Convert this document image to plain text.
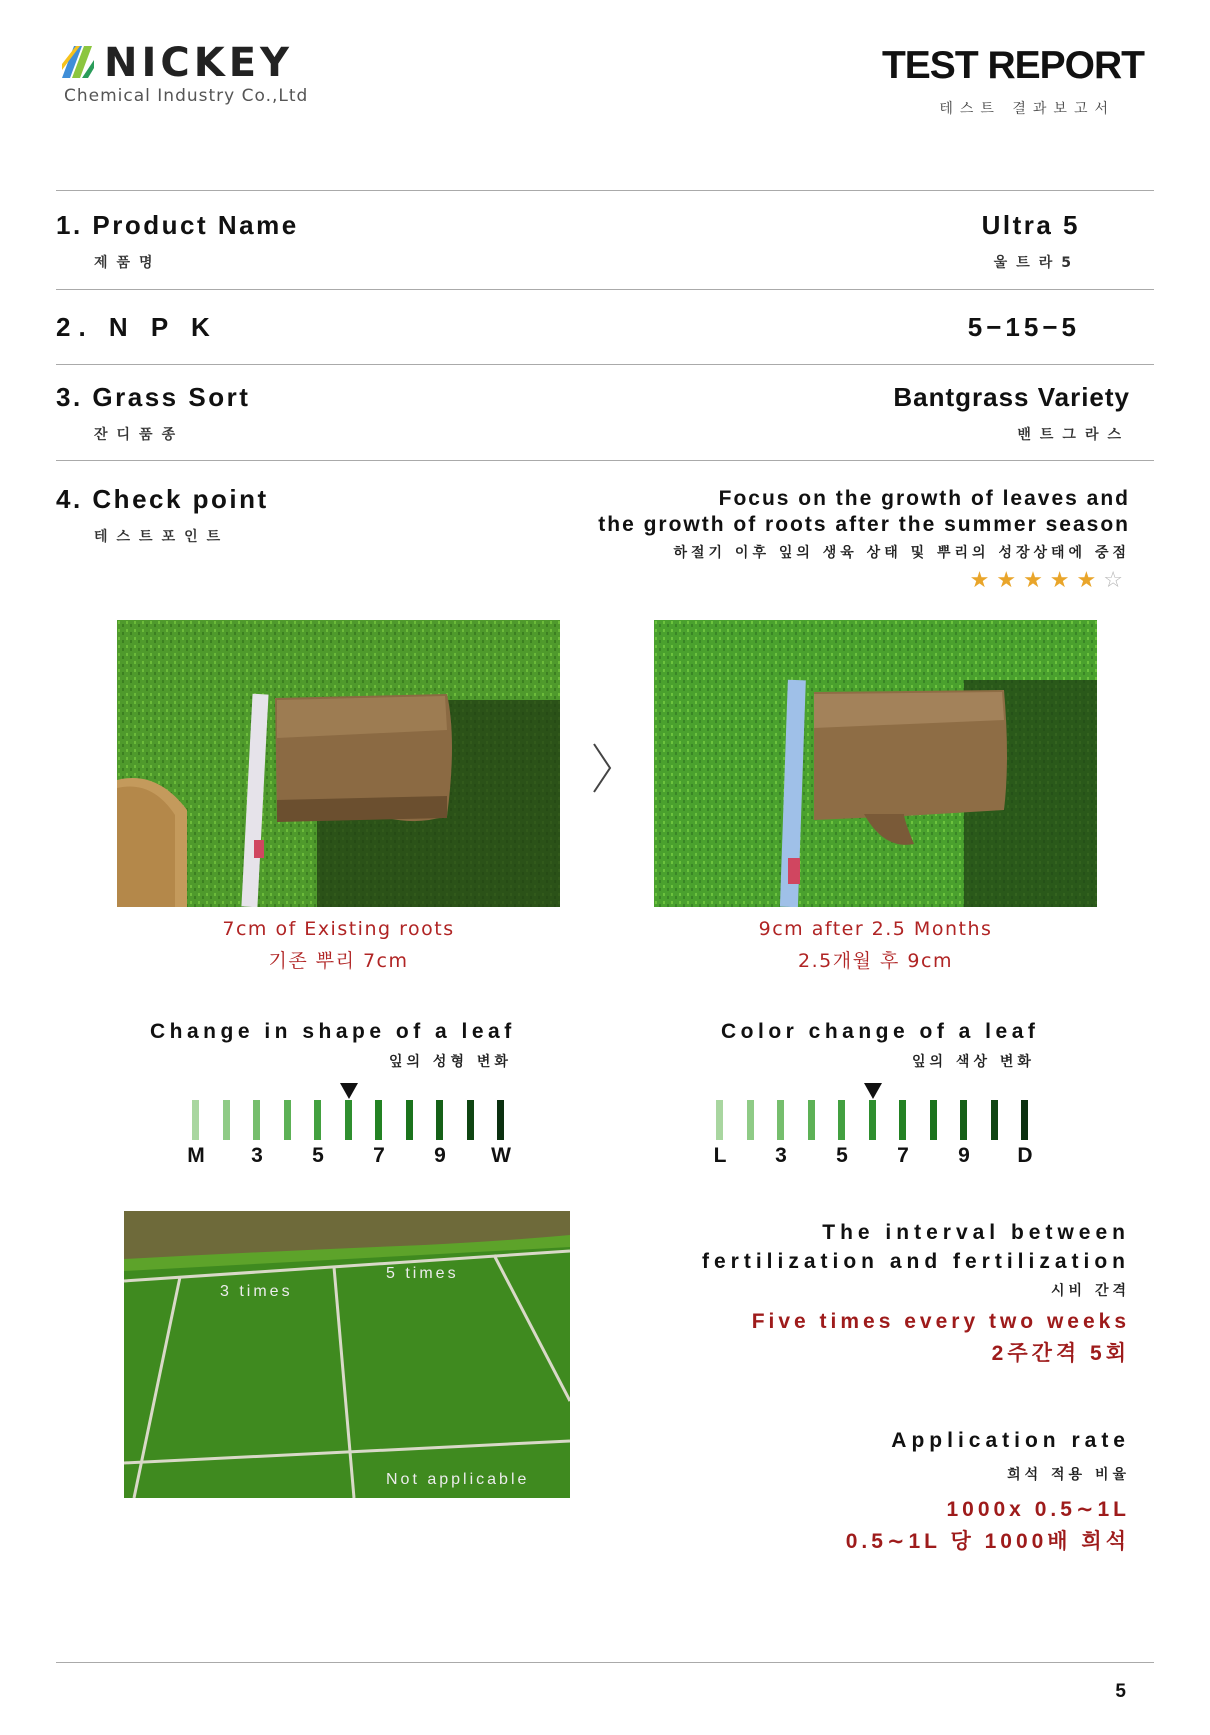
NICKEY
Chemical Industry Co.,Ltd
TEST REPORT
테스트 결과보고서
1. Product Name
제품명
Ultra 5
울트라5
2. N P K	5−15−5
3. Grass Sort
잔디품종
Bantgrass Variety
밴트그라스
4. Check point
테스트포인트
Focus on the growth of leaves and
the growth of roots after the summer season
하절기 이후 잎의 생육 상태 및 뿌리의 성장상태에 중점
★★★★★☆
7cm of Existing roots
기존 뿌리 7cm
9cm after 2.5 Months
2.5개월 후 9cm
Change in shape of a leaf
잎의 성형 변화
Color change of a leaf
잎의 색상 변화
M	3	5	7	9	W	L	3	5	7	9	D
3 times
5 times
Not applicable
The interval between
fertilization and fertilization
시비 간격
Five times every two weeks
2주간격 5회
Application rate
희석 적용 비율
1000x 0.5∼1L
0.5∼1L 당 1000배 희석
5
